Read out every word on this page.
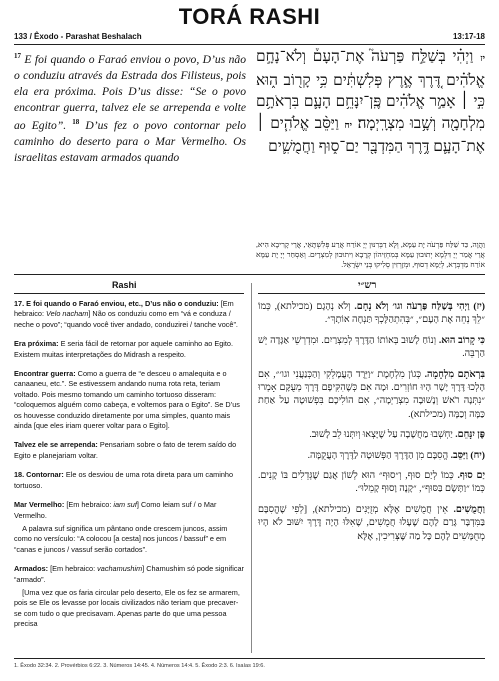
TORÁ RASHI
133 / Êxodo - Parashat Beshalach	13:17-18
$^{17}$ E foi quando o Faraó enviou o povo, D’us não o conduziu através da Estrada dos Filisteus, pois ela era próxima. Pois D’us disse: “Se o povo encontrar guerra, talvez ele se arrependa e volte ao Egito”. $^{18}$ D’us fez o povo contornar pelo caminho do deserto para o Mar Vermelho. Os israelitas estavam armados quando
יז וַיְהִ֗י בְּשַׁלַּ֣ח פַּרְעֹה֮ אֶת־הָעָם֒ וְלֹא־נָחָ֣ם אֱלֹהִ֗ים דֶּ֚רֶךְ אֶ֣רֶץ פְּלִשְׁתִּ֔ים כִּ֥י קָר֖וֹב ה֑וּא כִּ֣י ׀ אָמַ֣ר אֱלֹהִ֗ים פֶּֽן־יִנָּחֵ֥ם הָעָ֛ם בִּרְאֹתָ֥ם מִלְחָמָ֖ה וְשָׁ֥בוּ מִצְרָֽיְמָה׃ יח וַיַּסֵּ֨ב אֱלֹהִ֧ים ׀ אֶת־הָעָ֛ם דֶּ֥רֶךְ הַמִּדְבָּ֖ר יַם־ס֑וּף וַחֲמֻשִׁ֛ים
וַהֲוָה, כַּד שַׁלַּח פַּרְעֹה יָת עַמָּא, וְלָא דַבְּרִנּוּן יְיָ אוֹרַח אֲרַע פְּלִשְׁתָּאֵי, אֲרֵי קָרִיבָא הִיא, אֲרֵי אֲמַר יְיָ דִּלְמָא יְתוּבוּן עַמָּא בְּמִחְזֵיהוֹן קְרָבָא וִיתוּבוּן לְמִצְרָיִם. וְאַסְחַר יְיָ יָת עַמָּא אוֹרַח מַדְבְּרָא, לְיַמָּא דְסוּף, וּמְזָרְזִין סְלִיקוּ בְּנֵי יִשְׂרָאֵל.
Rashi	רש״י
17. E foi quando o Faraó enviou, etc., D’us não o conduziu: [Em hebraico: Velo nacham] Não os conduziu como em “vá e conduza / neche o povo”; “quando você tiver andado, conduzirei / tanche você”.
Era próxima: E seria fácil de retornar por aquele caminho ao Egito. Existem muitas interpretações do Midrash a respeito.
Encontrar guerra: Como a guerra de “e desceu o amalequita e o canaaneu, etc.”. Se estivessem andando numa rota reta, teriam voltado. Pois mesmo tomando um caminho tortuoso disseram: “coloquemos alguém como cabeça, e voltemos para o Egito”. Se D’us os houvesse conduzido diretamente por uma simples, quanto mais ainda [que eles iriam querer voltar para o Egito].
Talvez ele se arrependa: Pensariam sobre o fato de terem saído do Egito e planejariam voltar.
18. Contornar: Ele os desviou de uma rota direta para um caminho tortuoso.

Mar Vermelho: [Em hebraico: iam suf] Como leiam suf / o Mar Vermelho.

A palavra suf significa um pântano onde crescem juncos, assim como no versículo: “A colocou [a cesta] nos juncos / bassuf” e em “canas e juncos / vassuf serão cortados”.

Armados: [Em hebraico: vachamushim] Chamushim só pode significar “armado”.

[Uma vez que os faria circular pelo deserto, Ele os fez se armarem, pois se Ele os levasse por locais civilizados não teriam que precaver-se com tudo o que precisavam. Apenas parte do que uma pessoa precisa

(יז) וַיְהִי בְּשַׁלַּח פַּרְעֹה וגו׳ וְלֹא נָחָם. וְלֹא נְהָגָם (מכילתא), כְּמוֹ ״לֵךְ נְחֵה אֶת הָעָם״, ״בְּהִתְהַלֶּכְךָ תַּנְחֶה אוֹתָךְ״.
כִּי קָרוֹב הוּא. וְנוֹחַ לָשׁוּב בְּאוֹתוֹ הַדֶּרֶךְ לְמִצְרַיִם. וּמִדְרְשֵׁי אַגָּדָה יֵשׁ הַרְבֵּה.
בִּרְאֹתָם מִלְחָמָה. כְּגוֹן מִלְחֶמֶת ״וַיֵּרֶד הָעֲמָלֵקִי וְהַכְּנַעֲנִי וגו׳״, אִם הָלְכוּ דֶּרֶךְ יָשָׁר הָיוּ חוֹזְרִים. וּמָה אִם כְּשֶׁהִקִּיפָם דֶּרֶךְ מְעֻקָּם אָמְרוּ ״נִתְּנָה רֹאשׁ וְנָשׁוּבָה מִצְרַיְמָה״, אִם הוֹלִיכָם בִּפְשׁוּטָה עַל אַחַת כַּמָּה וְכַמָּה (מכילתא).
פֶּן יִנָּחֵם. יַחְשְׁבוּ מַחֲשָׁבָה עַל שֶׁיָּצְאוּ וְיִתְּנוּ לֵב לָשׁוּב.
(יח) וַיַּסֵּב. הֱסִבָּם מִן הַדֶּרֶךְ הַפְּשׁוּטָה לַדֶּרֶךְ הָעֲקֻמָּה.
יַם סוּף. כְּמוֹ לְיַם סוּף, וְ״סוּף״ הוּא לְשׁוֹן אֲגַם שֶׁגְּדֵלִים בּוֹ קָנִים. כְּמוֹ ״וַתָּשֶׂם בַּסּוּף״, ״קָנֶה וָסוּף קָמֵלוּ״.
וַחֲמֻשִׁים. אֵין חֲמֻשִׁים אֶלָּא מְזֻיָּנִים (מכילתא), [לְפִי שֶׁהֱסִבָּם בַּמִּדְבָּר גָּרַם לָהֶם שֶׁעָלוּ חֲמֻשִׁים, שֶׁאִלּוּ הָיָה דֶּרֶךְ יִשּׁוּב לֹא הָיוּ מְחֻמָּשִׁים לָהֶם כָּל מַה שֶּׁצְּרִיכִין, אֶלָּא
1. Êxodo 32:34. 2. Provérbios 6:22. 3. Números 14:45. 4. Números 14:4. 5. Êxodo 2:3. 6. Isaías 19:6.
